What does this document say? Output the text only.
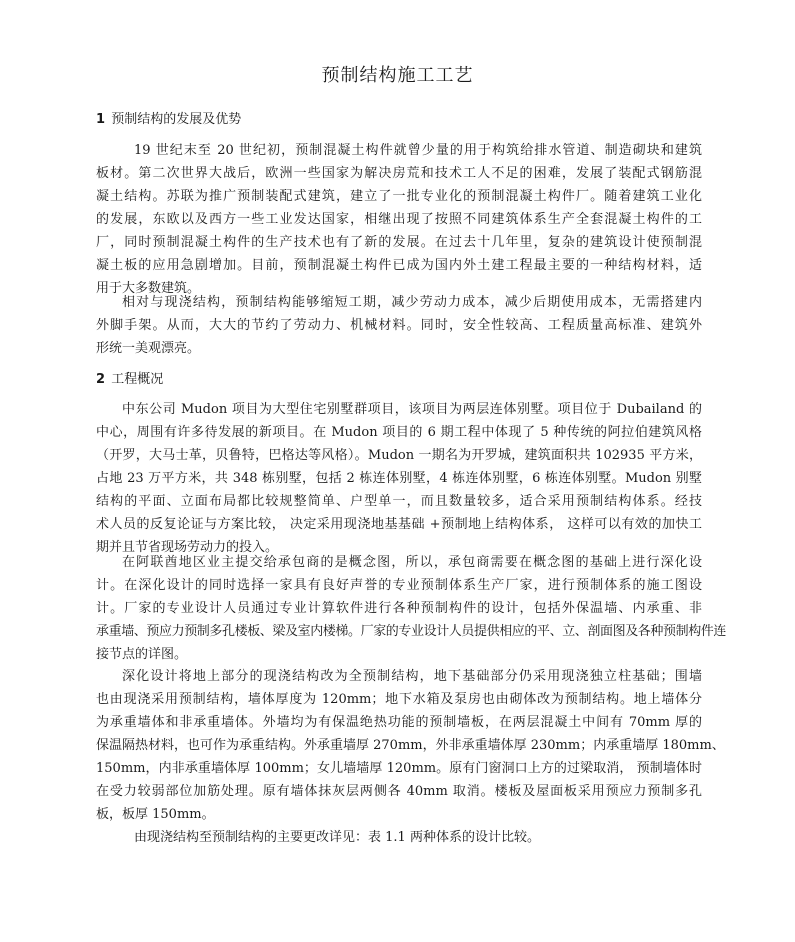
预制结构施工工艺
1 预制结构的发展及优势
19 世纪末至 20 世纪初，预制混凝土构件就曾少量的用于构筑给排水管道、制造砌块和建筑
板材。第二次世界大战后，欧洲一些国家为解决房荒和技术工人不足的困难，发展了装配式钢筋混
凝土结构。苏联为推广预制装配式建筑，建立了一批专业化的预制混凝土构件厂。随着建筑工业化
的发展，东欧以及西方一些工业发达国家，相继出现了按照不同建筑体系生产全套混凝土构件的工
厂，同时预制混凝土构件的生产技术也有了新的发展。在过去十几年里，复杂的建筑设计使预制混
凝土板的应用急剧增加。目前，预制混凝土构件已成为国内外土建工程最主要的一种结构材料，适
用于大多数建筑。
相对与现浇结构，预制结构能够缩短工期，减少劳动力成本，减少后期使用成本，无需搭建内
外脚手架。从而，大大的节约了劳动力、机械材料。同时，安全性较高、工程质量高标准、建筑外
形统一美观漂亮。
2 工程概况
中东公司 Mudon 项目为大型住宅别墅群项目，该项目为两层连体别墅。项目位于 Dubailand 的
中心，周围有许多待发展的新项目。在 Mudon 项目的 6 期工程中体现了 5 种传统的阿拉伯建筑风格
（开罗，大马士革，贝鲁特，巴格达等风格）。Mudon 一期名为开罗城，建筑面积共 102935 平方米，
占地 23 万平方米，共 348 栋别墅，包括 2 栋连体别墅，4 栋连体别墅，6 栋连体别墅。Mudon 别墅
结构的平面、立面布局都比较规整简单、户型单一，而且数量较多，适合采用预制结构体系。经技
术人员的反复论证与方案比较， 决定采用现浇地基基础 +预制地上结构体系， 这样可以有效的加快工
期并且节省现场劳动力的投入。
在阿联酋地区业主提交给承包商的是概念图，所以，承包商需要在概念图的基础上进行深化设
计。在深化设计的同时选择一家具有良好声誉的专业预制体系生产厂家，进行预制体系的施工图设
计。厂家的专业设计人员通过专业计算软件进行各种预制构件的设计，包括外保温墙、内承重、非
承重墙、预应力预制多孔楼板、梁及室内楼梯。厂家的专业设计人员提供相应的平、立、剖面图及各种预制构件连
接节点的详图。
深化设计将地上部分的现浇结构改为全预制结构，地下基础部分仍采用现浇独立柱基础；围墙
也由现浇采用预制结构，墙体厚度为 120mm；地下水箱及泵房也由砌体改为预制结构。地上墙体分
为承重墙体和非承重墙体。外墙均为有保温绝热功能的预制墙板，在两层混凝土中间有 70mm 厚的
保温隔热材料，也可作为承重结构。外承重墙厚 270mm，外非承重墙体厚 230mm；内承重墙厚 180mm、
150mm，内非承重墙体厚 100mm；女儿墙墙厚 120mm。原有门窗洞口上方的过梁取消， 预制墙体时
在受力较弱部位加筋处理。原有墙体抹灰层两侧各 40mm 取消。楼板及屋面板采用预应力预制多孔
板，板厚 150mm。
由现浇结构至预制结构的主要更改详见：表 1.1 两种体系的设计比较。
